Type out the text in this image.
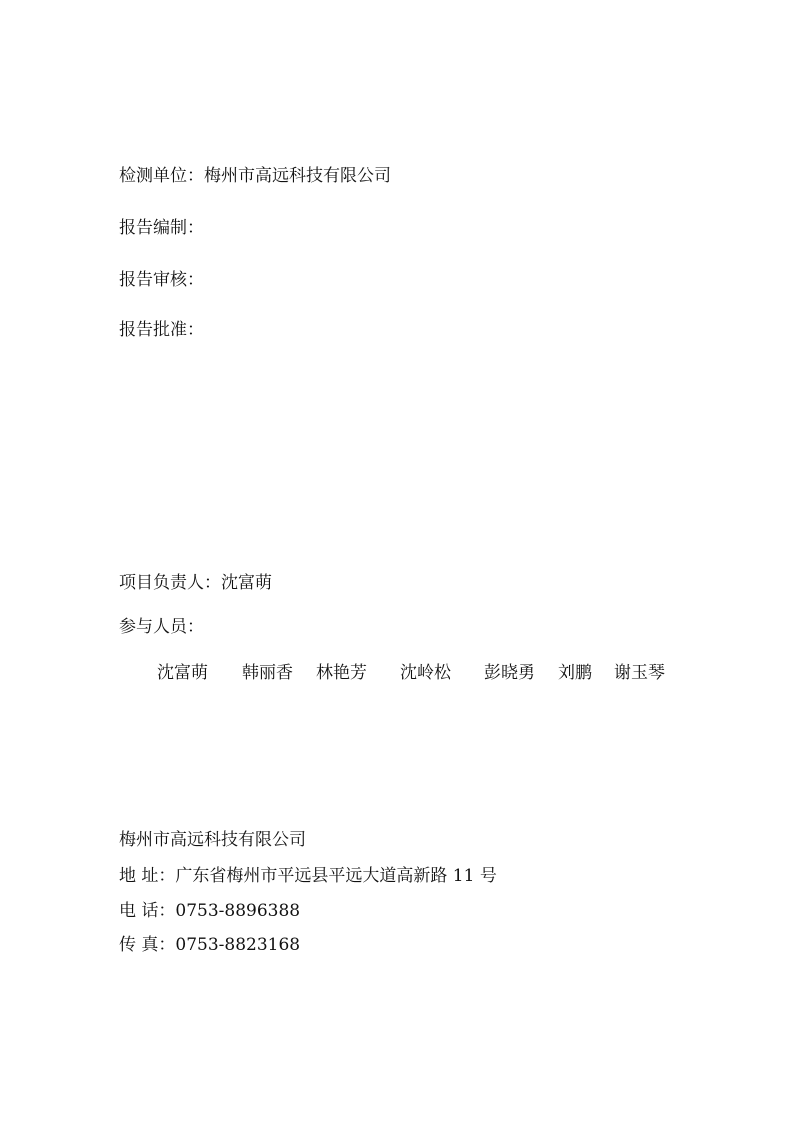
检测单位：梅州市高远科技有限公司
报告编制：
报告审核：
报告批准：
项目负责人：沈富萌
参与人员：
沈富萌 韩丽香 林艳芳 沈岭松 彭晓勇 刘鹏 谢玉琴
梅州市高远科技有限公司
地 址：广东省梅州市平远县平远大道高新路 11 号
电 话：0753-8896388
传 真：0753-8823168
